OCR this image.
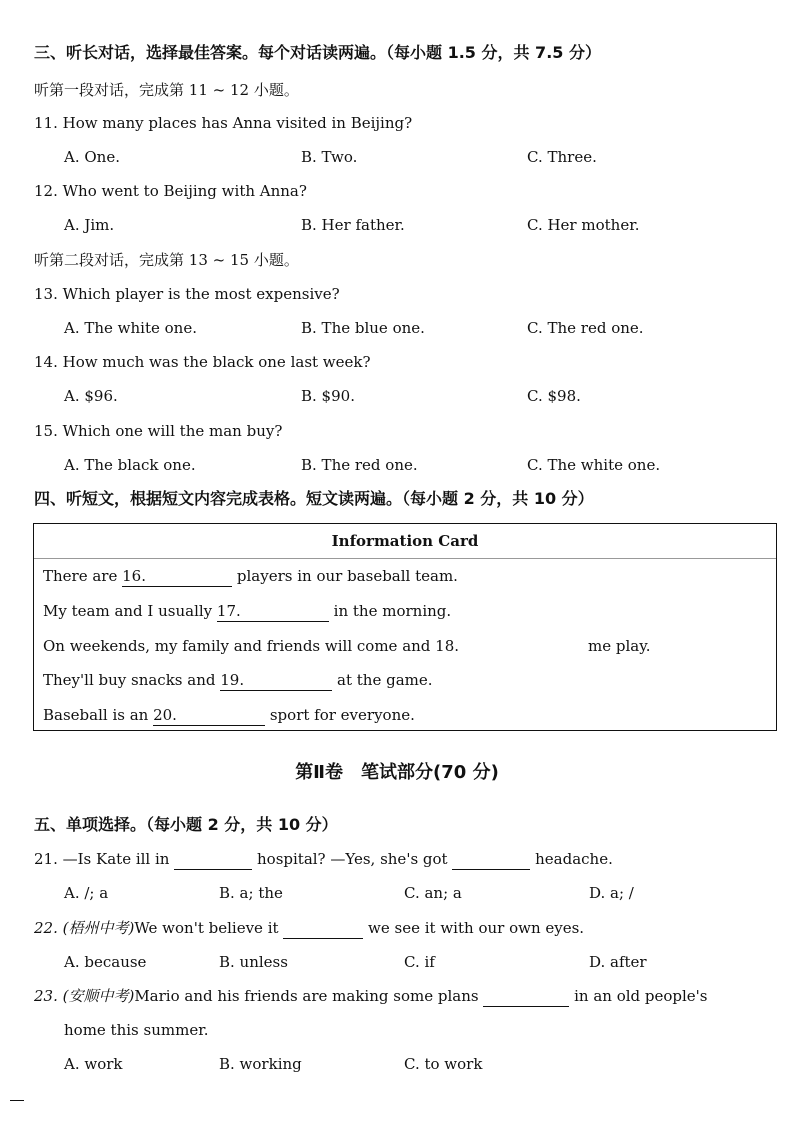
三、听长对话，选择最佳答案。每个对话读两遍。（每小题 1.5 分，共 7.5 分）
听第一段对话，完成第 11 ~ 12 小题。
11. How many places has Anna visited in Beijing?
A. One.	B. Two.	C. Three.
12. Who went to Beijing with Anna?
A. Jim.	B. Her father.	C. Her mother.
听第二段对话，完成第 13 ~ 15 小题。
13. Which player is the most expensive?
A. The white one.	B. The blue one.	C. The red one.
14. How much was the black one last week?
A. $96.	B. $90.	C. $98.
15. Which one will the man buy?
A. The black one.	B. The red one.	C. The white one.
四、听短文，根据短文内容完成表格。短文读两遍。（每小题 2 分，共 10 分）
Information Card
There are 16.	players in our baseball team.
My team and I usually 17.	in the morning.
On weekends, my family and friends will come and 18.	me play.
They'll buy snacks and 19.	at the game.
Baseball is an 20.	sport for everyone.
第Ⅱ卷　笔试部分(70 分)
五、单项选择。（每小题 2 分，共 10 分）
21. —Is Kate ill in	hospital? —Yes, she's got	headache.
A. /; a	B. a; the	C. an; a	D. a; /
22. (梧州中考)We won't believe it	we see it with our own eyes.
A. because	B. unless	C. if	D. after
23. (安顺中考)Mario and his friends are making some plans	in an old people's
home this summer.
A. work	B. working	C. to work
